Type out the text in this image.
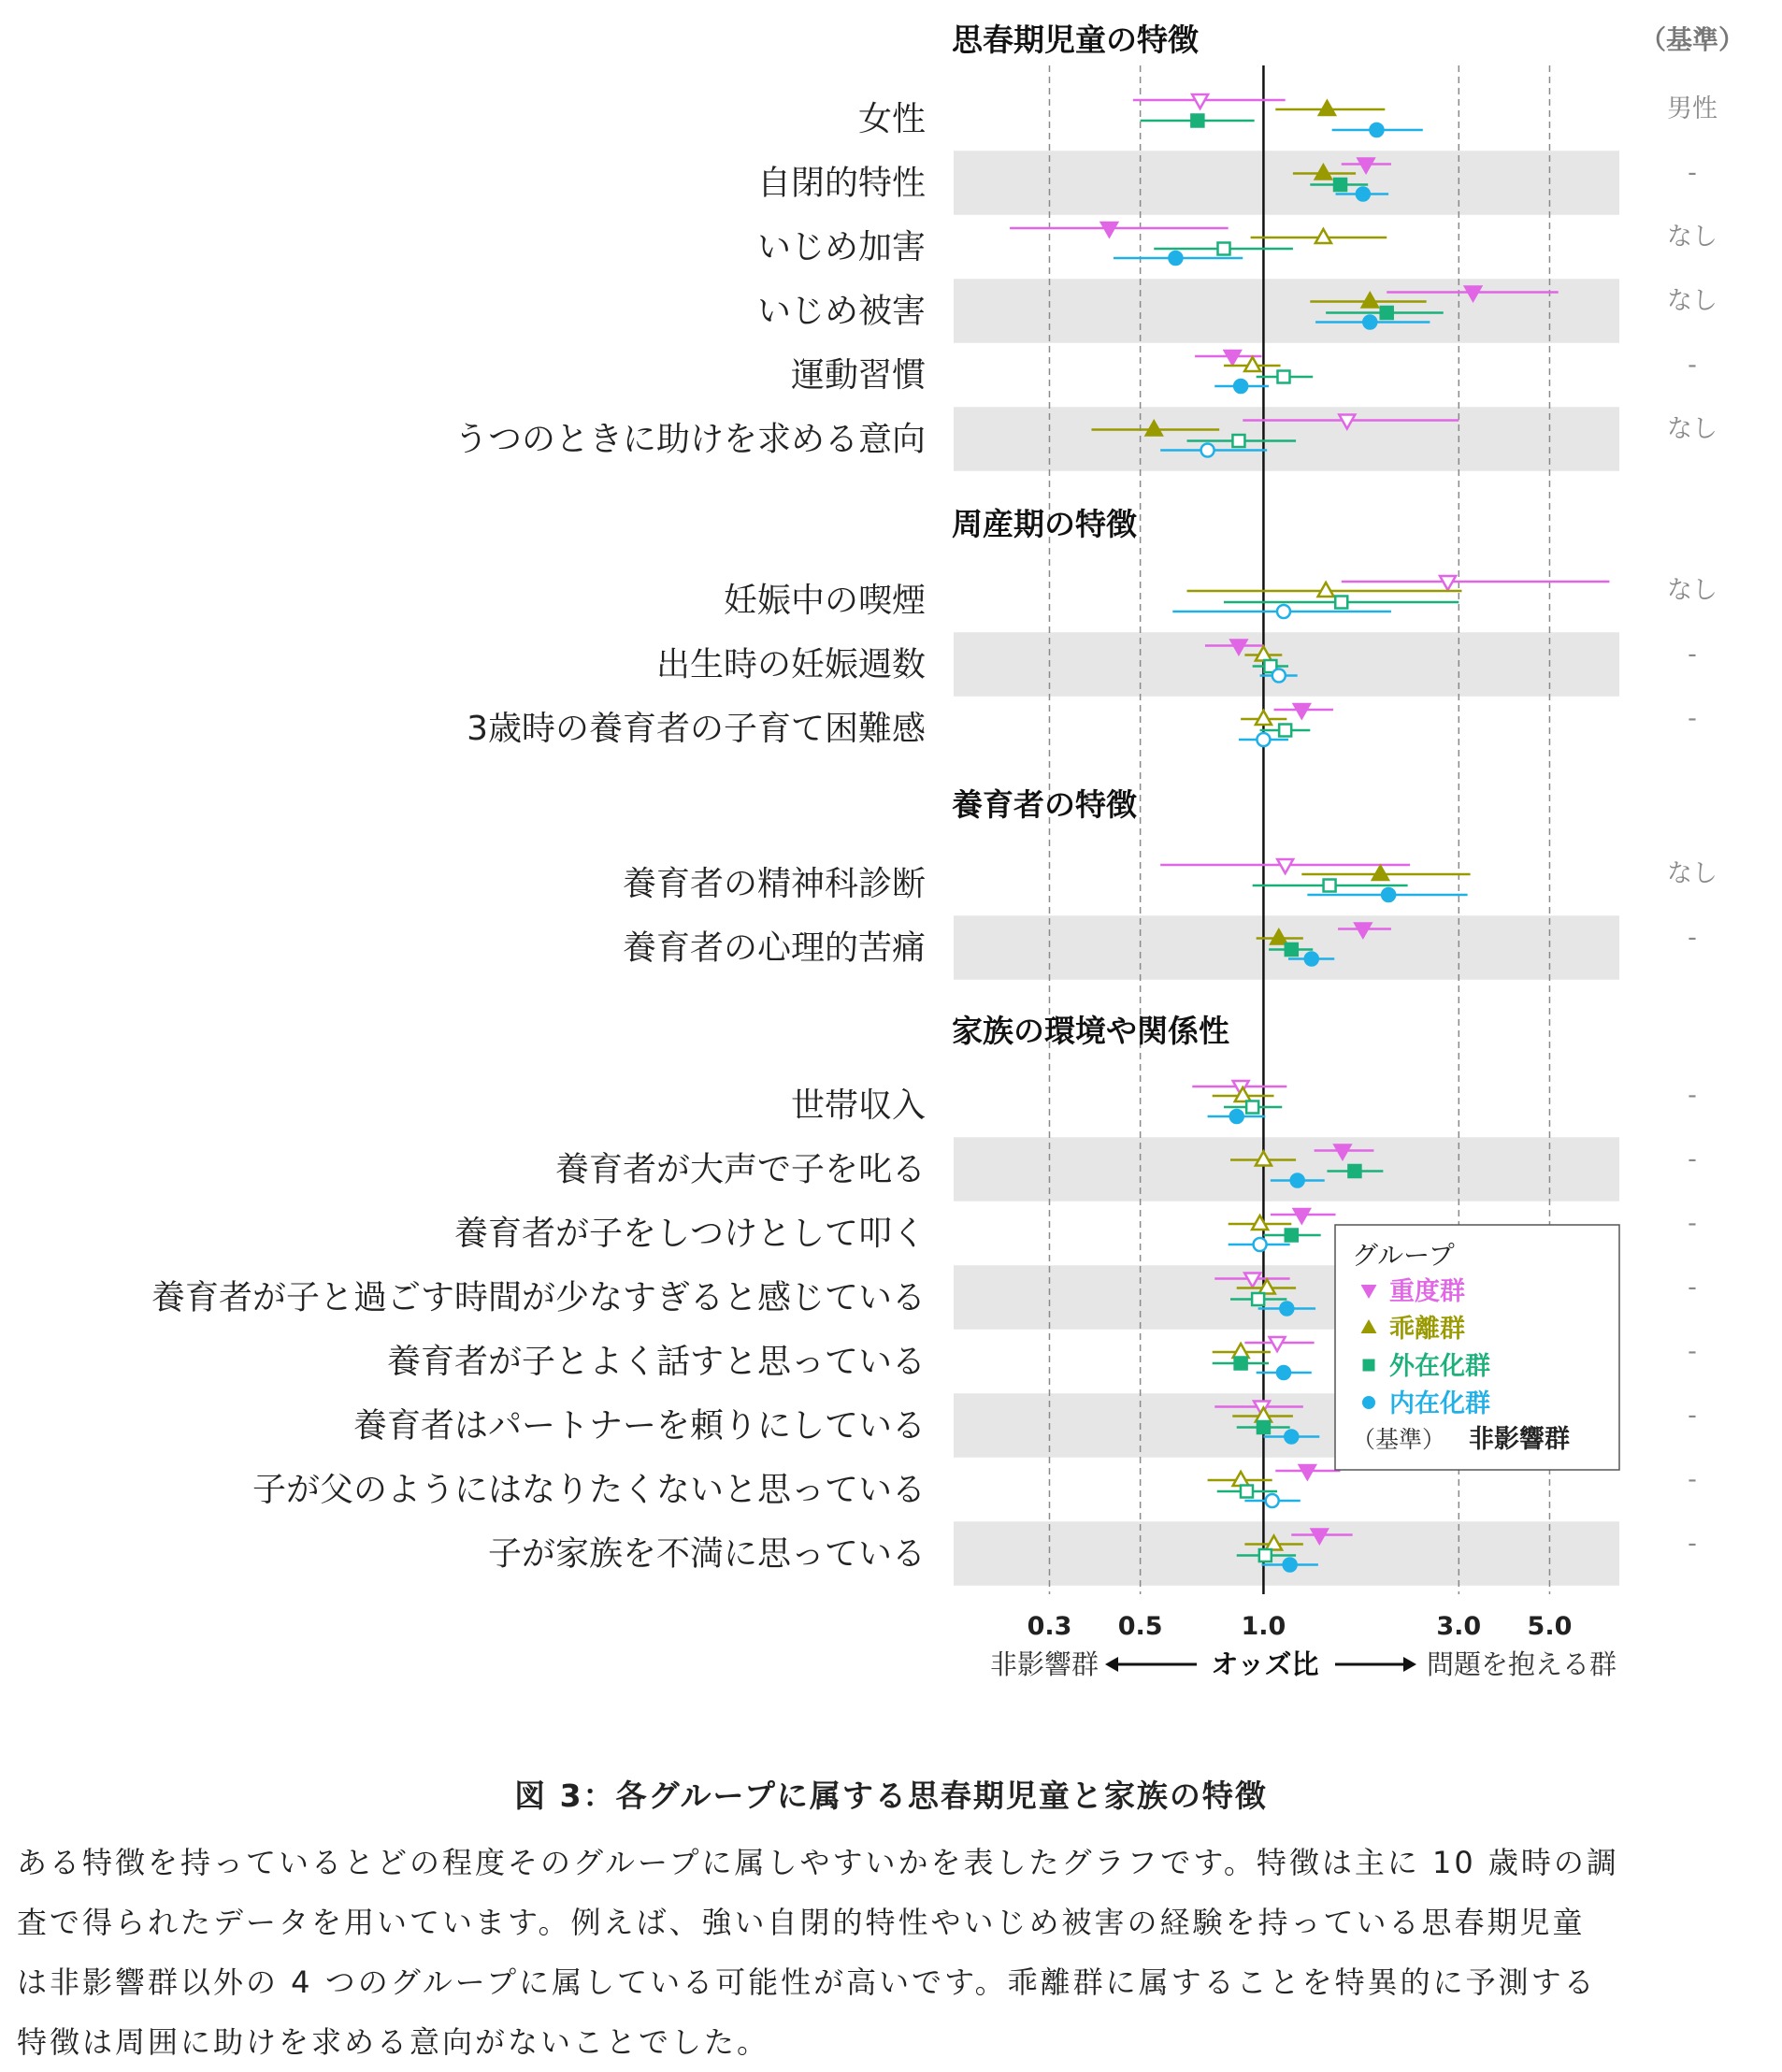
（基準）
思春期児童の特徴
周産期の特徴
養育者の特徴
家族の環境や関係性
女性	男性
自閉的特性	-
いじめ加害	なし
いじめ被害	なし
運動習慣	-
うつのときに助けを求める意向	なし
妊娠中の喫煙	なし
出生時の妊娠週数	-
3歳時の養育者の子育て困難感	-
養育者の精神科診断	なし
養育者の心理的苦痛	-
世帯収入	-
養育者が大声で子を叱る	-
養育者が子をしつけとして叩く	-
養育者が子と過ごす時間が少なすぎると感じている	-
養育者が子とよく話すと思っている	-
養育者はパートナーを頼りにしている	-
子が父のようにはなりたくないと思っている	-
子が家族を不満に思っている	-
0.3 0.5	1.0	3.0 5.0
非影響群	オッズ比	問題を抱える群
グループ
重度群
乖離群
外在化群
内在化群
（基準） 非影響群
図 3：各グループに属する思春期児童と家族の特徴
ある特徴を持っているとどの程度そのグループに属しやすいかを表したグラフです。特徴は主に 10 歳時の調
査で得られたデータを用いています。例えば、強い自閉的特性やいじめ被害の経験を持っている思春期児童
は非影響群以外の 4 つのグループに属している可能性が高いです。乖離群に属することを特異的に予測する
特徴は周囲に助けを求める意向がないことでした。
